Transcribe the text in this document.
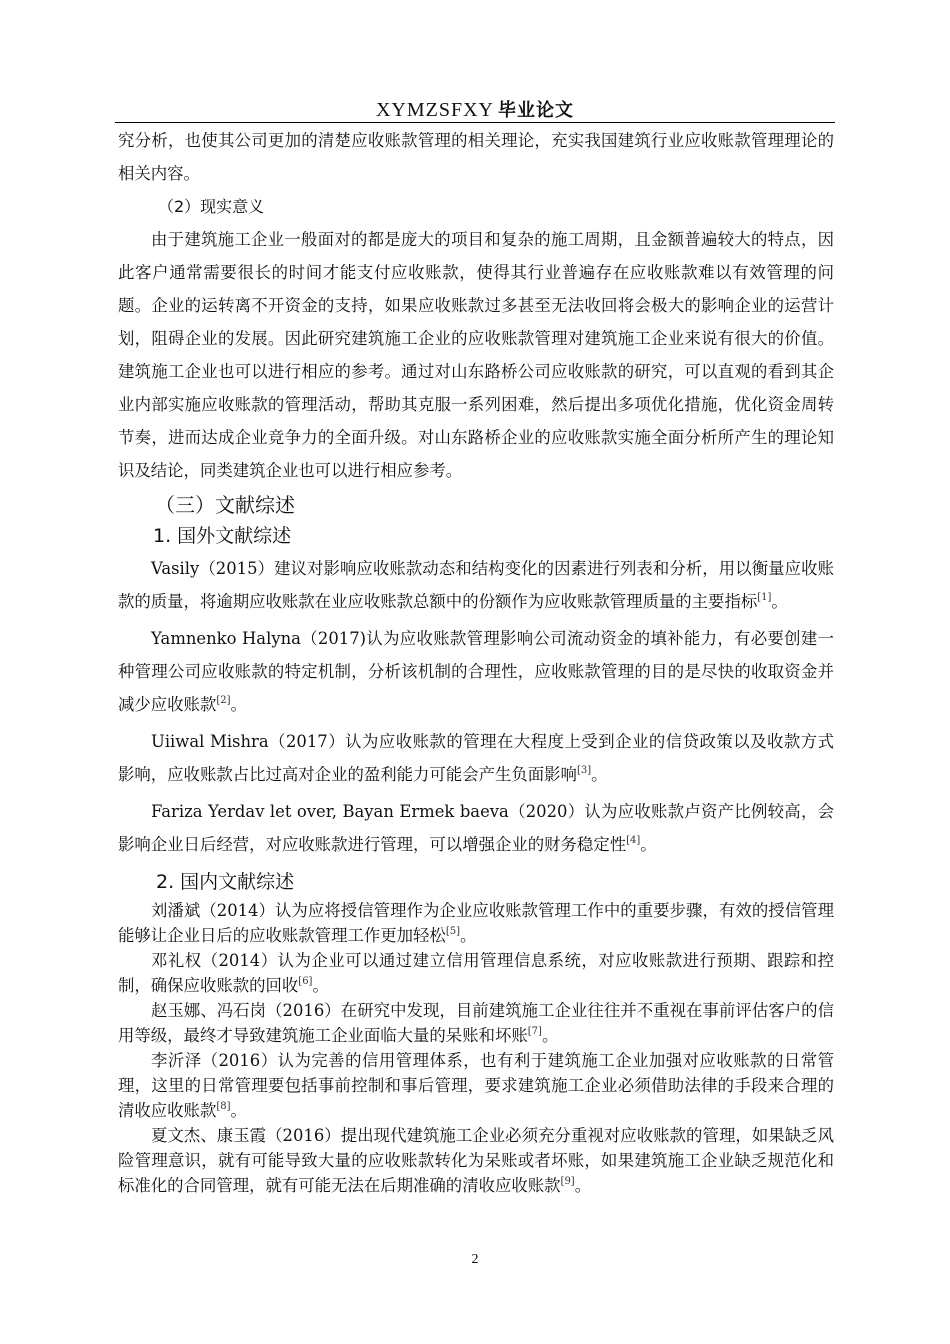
XYMZSFXY 毕业论文

究分析，也使其公司更加的清楚应收账款管理的相关理论，充实我国建筑行业应收账款管理理论的相关内容。

（2）现实意义

由于建筑施工企业一般面对的都是庞大的项目和复杂的施工周期，且金额普遍较大的特点，因此客户通常需要很长的时间才能支付应收账款，使得其行业普遍存在应收账款难以有效管理的问题。企业的运转离不开资金的支持，如果应收账款过多甚至无法收回将会极大的影响企业的运营计划，阻碍企业的发展。因此研究建筑施工企业的应收账款管理对建筑施工企业来说有很大的价值。建筑施工企业也可以进行相应的参考。通过对山东路桥公司应收账款的研究，可以直观的看到其企业内部实施应收账款的管理活动，帮助其克服一系列困难，然后提出多项优化措施，优化资金周转节奏，进而达成企业竞争力的全面升级。对山东路桥企业的应收账款实施全面分析所产生的理论知识及结论，同类建筑企业也可以进行相应参考。

（三）文献综述
1. 国外文献综述

Vasily（2015）建议对影响应收账款动态和结构变化的因素进行列表和分析，用以衡量应收账款的质量，将逾期应收账款在业应收账款总额中的份额作为应收账款管理质量的主要指标[1]。

Yamnenko Halyna（2017)认为应收账款管理影响公司流动资金的填补能力，有必要创建一种管理公司应收账款的特定机制，分析该机制的合理性，应收账款管理的目的是尽快的收取资金并减少应收账款[2]。

Uiiwal Mishra（2017）认为应收账款的管理在大程度上受到企业的信贷政策以及收款方式影响，应收账款占比过高对企业的盈利能力可能会产生负面影响[3]。

Fariza Yerdav let over, Bayan Ermek baeva（2020）认为应收账款卢资产比例较高，会影响企业日后经营，对应收账款进行管理，可以增强企业的财务稳定性[4]。

2. 国内文献综述

刘潘斌（2014）认为应将授信管理作为企业应收账款管理工作中的重要步骤，有效的授信管理能够让企业日后的应收账款管理工作更加轻松[5]。

邓礼权（2014）认为企业可以通过建立信用管理信息系统，对应收账款进行预期、跟踪和控制，确保应收账款的回收[6]。

赵玉娜、冯石岗（2016）在研究中发现，目前建筑施工企业往往并不重视在事前评估客户的信用等级，最终才导致建筑施工企业面临大量的呆账和坏账[7]。

李沂泽（2016）认为完善的信用管理体系，也有利于建筑施工企业加强对应收账款的日常管理，这里的日常管理要包括事前控制和事后管理，要求建筑施工企业必须借助法律的手段来合理的清收应收账款[8]。

夏文杰、康玉霞（2016）提出现代建筑施工企业必须充分重视对应收账款的管理，如果缺乏风险管理意识，就有可能导致大量的应收账款转化为呆账或者坏账，如果建筑施工企业缺乏规范化和标准化的合同管理，就有可能无法在后期准确的清收应收账款[9]。

2
